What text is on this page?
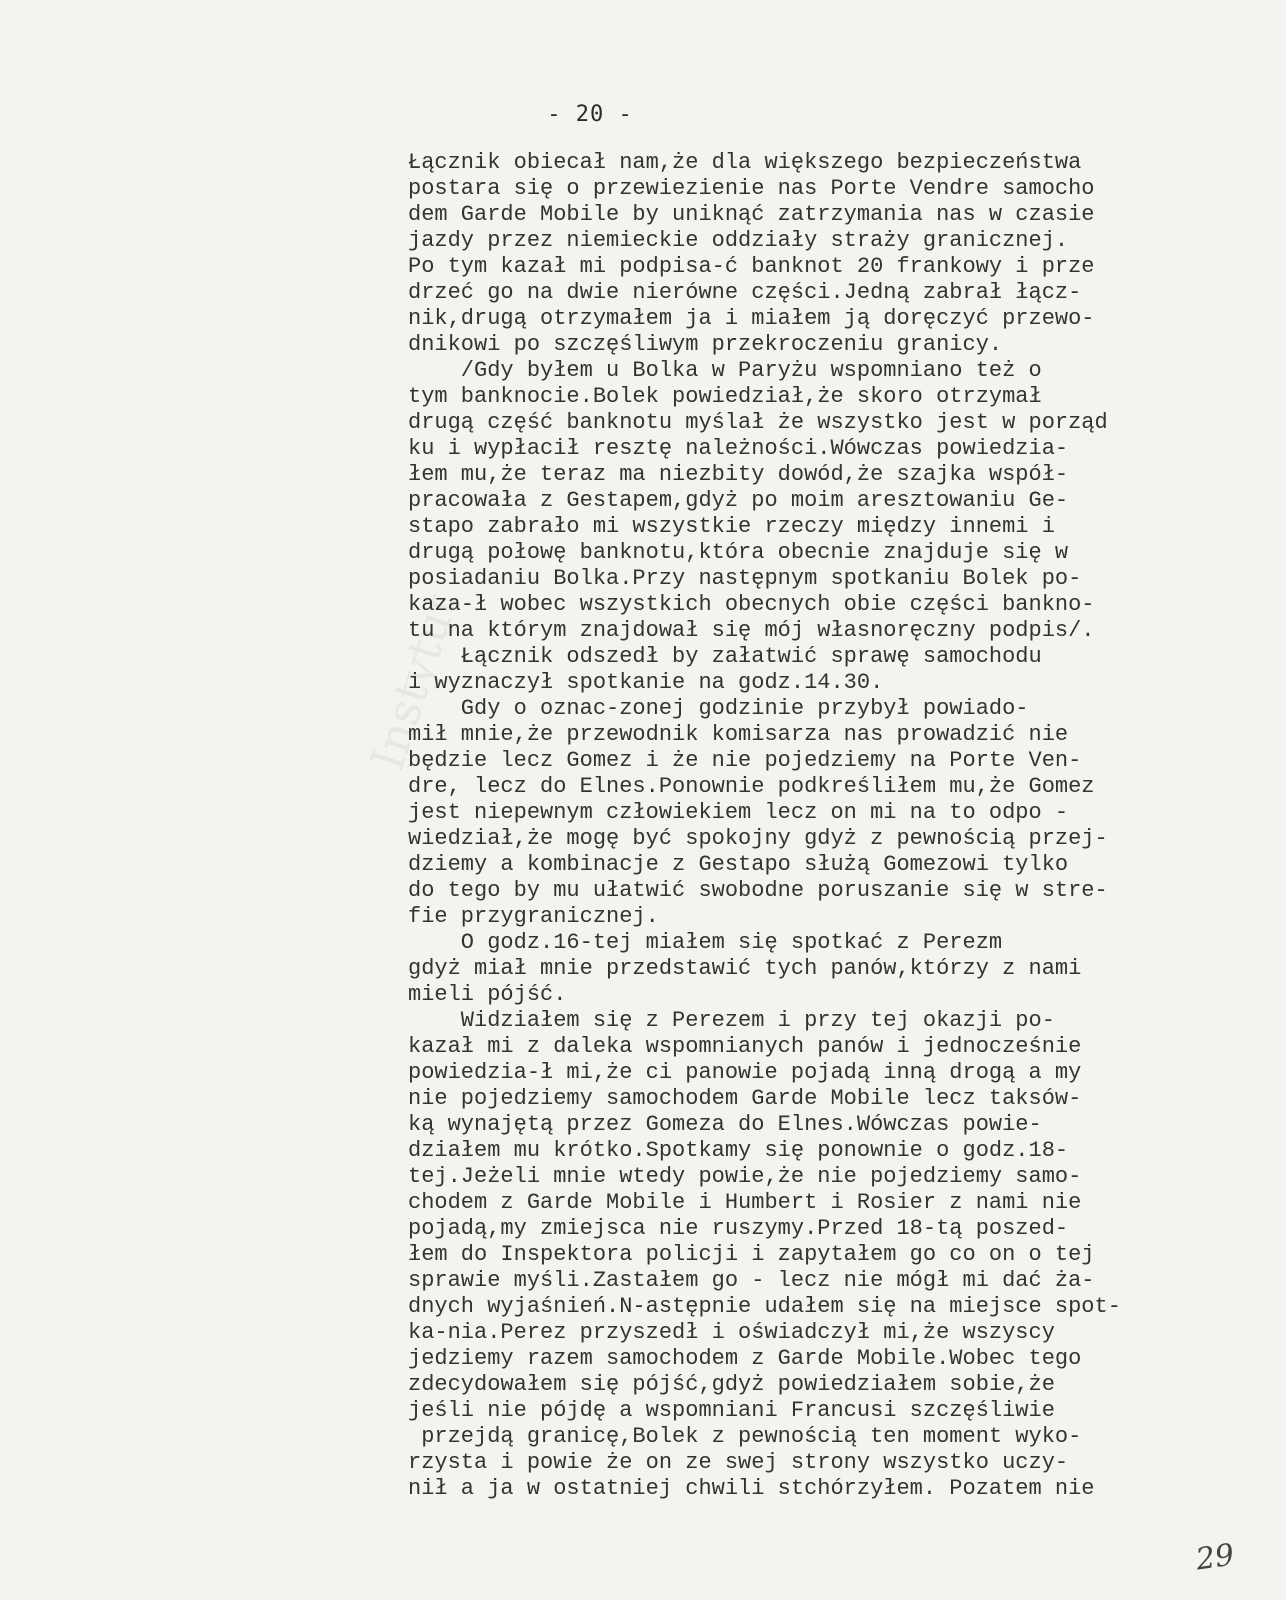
Instytut
- 20 -
Łącznik obiecał nam,że dla większego bezpieczeństwa
postara się o przewiezienie nas Porte Vendre samocho
dem Garde Mobile by uniknąć zatrzymania nas w czasie
jazdy przez niemieckie oddziały straży granicznej.
Po tym kazał mi podpisa-ć banknot 20 frankowy i prze
drzeć go na dwie nierówne części.Jedną zabrał łącz-
nik,drugą otrzymałem ja i miałem ją doręczyć przewo-
dnikowi po szczęśliwym przekroczeniu granicy.
/Gdy byłem u Bolka w Paryżu wspomniano też o
tym banknocie.Bolek powiedział,że skoro otrzymał
drugą część banknotu myślał że wszystko jest w porząd
ku i wypłacił resztę należności.Wówczas powiedzia-
łem mu,że teraz ma niezbity dowód,że szajka współ-
pracowała z Gestapem,gdyż po moim aresztowaniu Ge-
stapo zabrało mi wszystkie rzeczy między innemi i
drugą połowę banknotu,która obecnie znajduje się w
posiadaniu Bolka.Przy następnym spotkaniu Bolek po-
kaza-ł wobec wszystkich obecnych obie części bankno-
tu na którym znajdował się mój własnoręczny podpis/.
Łącznik odszedł by załatwić sprawę samochodu
i wyznaczył spotkanie na godz.14.30.
Gdy o oznac-zonej godzinie przybył powiado-
mił mnie,że przewodnik komisarza nas prowadzić nie
będzie lecz Gomez i że nie pojedziemy na Porte Ven-
dre, lecz do Elnes.Ponownie podkreśliłem mu,że Gomez
jest niepewnym człowiekiem lecz on mi na to odpo -
wiedział,że mogę być spokojny gdyż z pewnością przej-
dziemy a kombinacje z Gestapo służą Gomezowi tylko
do tego by mu ułatwić swobodne poruszanie się w stre-
fie przygranicznej.
O godz.16-tej miałem się spotkać z Perezm
gdyż miał mnie przedstawić tych panów,którzy z nami
mieli pójść.
Widziałem się z Perezem i przy tej okazji po-
kazał mi z daleka wspomnianych panów i jednocześnie
powiedzia-ł mi,że ci panowie pojadą inną drogą a my
nie pojedziemy samochodem Garde Mobile lecz taksów-
ką wynajętą przez Gomeza do Elnes.Wówczas powie-
działem mu krótko.Spotkamy się ponownie o godz.18-
tej.Jeżeli mnie wtedy powie,że nie pojedziemy samo-
chodem z Garde Mobile i Humbert i Rosier z nami nie
pojadą,my zmiejsca nie ruszymy.Przed 18-tą poszed-
łem do Inspektora policji i zapytałem go co on o tej
sprawie myśli.Zastałem go - lecz nie mógł mi dać ża-
dnych wyjaśnień.N-astępnie udałem się na miejsce spot-
ka-nia.Perez przyszedł i oświadczył mi,że wszyscy
jedziemy razem samochodem z Garde Mobile.Wobec tego
zdecydowałem się pójść,gdyż powiedziałem sobie,że
jeśli nie pójdę a wspomniani Francusi szczęśliwie
przejdą granicę,Bolek z pewnością ten moment wyko-
rzysta i powie że on ze swej strony wszystko uczy-
nił a ja w ostatniej chwili stchórzyłem. Pozatem nie
29
